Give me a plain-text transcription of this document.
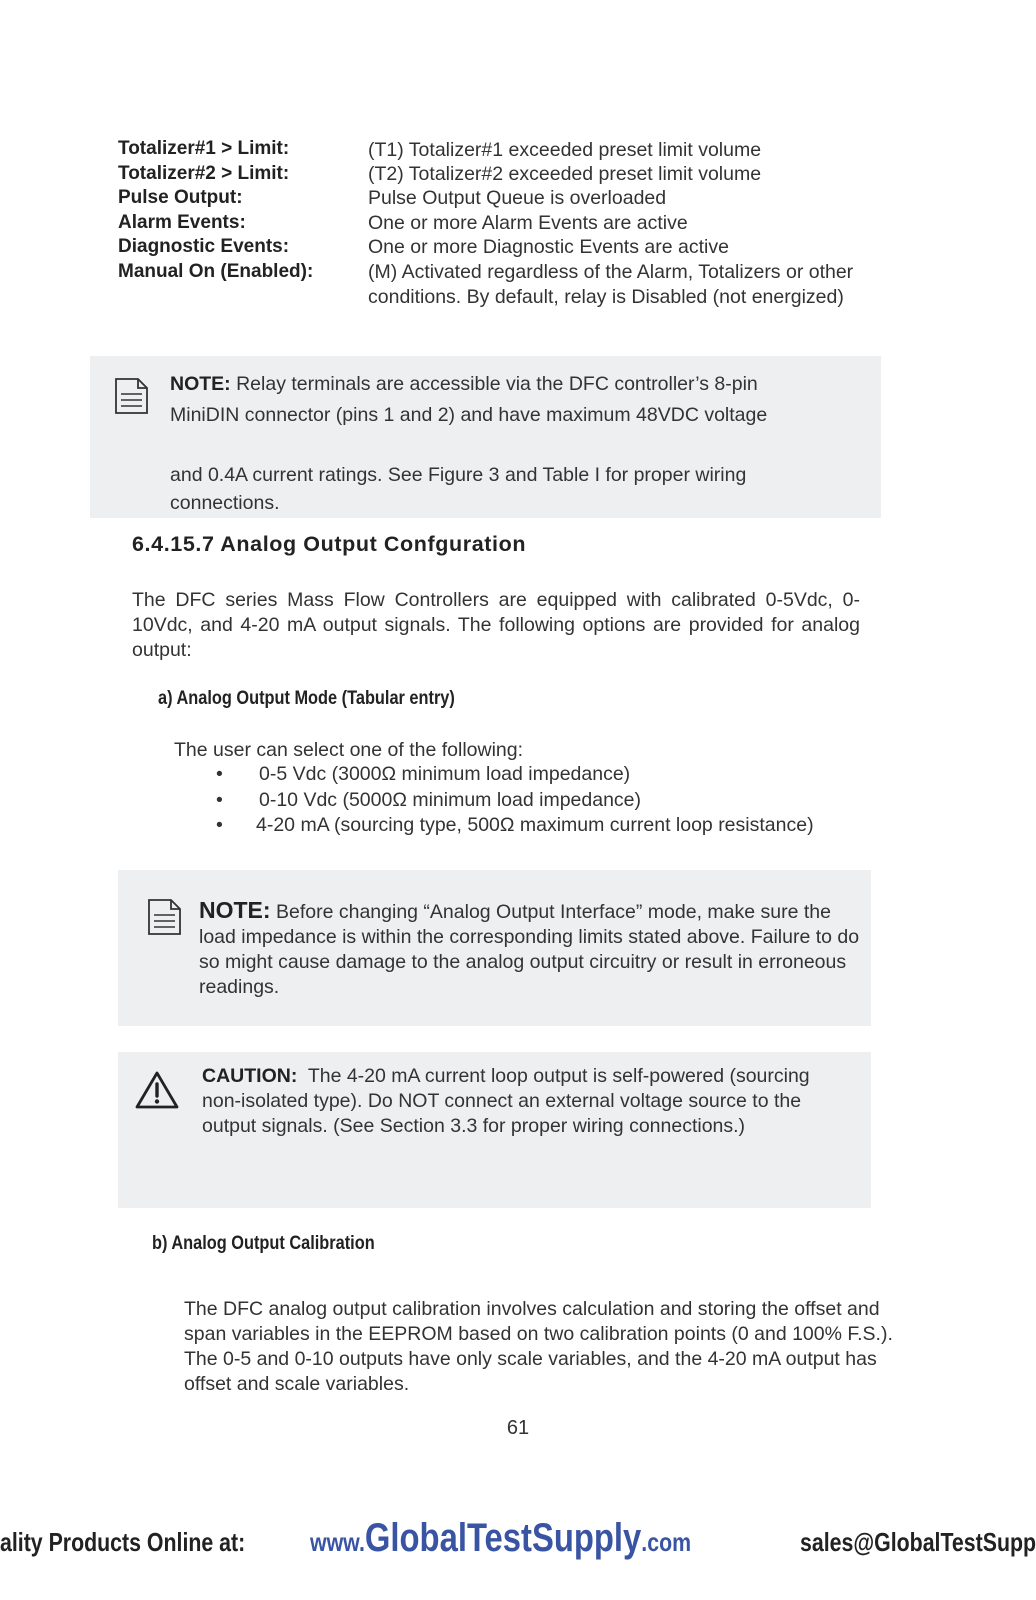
Totalizer#1 > Limit:	(T1) Totalizer#1 exceeded preset limit volume
Totalizer#2 > Limit:	(T2) Totalizer#2 exceeded preset limit volume
Pulse Output:	Pulse Output Queue is overloaded
Alarm Events:	One or more Alarm Events are active
Diagnostic Events:	One or more Diagnostic Events are active
Manual On (Enabled):	(M) Activated regardless of the Alarm, Totalizers or other conditions. By default, relay is Disabled (not energized)
NOTE: Relay terminals are accessible via the DFC controller’s 8-pin
MiniDIN connector (pins 1 and 2) and have maximum 48VDC voltage
and 0.4A current ratings. See Figure 3 and Table I for proper wiring
connections.
6.4.15.7 Analog Output Confguration
The DFC series Mass Flow Controllers are equipped with calibrated 0-5Vdc, 0-10Vdc, and 4-20 mA output signals. The following options are provided for analog output:
a) Analog Output Mode (Tabular entry)
The user can select one of the following:
• 0-5 Vdc (3000Ω minimum load impedance)
• 0-10 Vdc (5000Ω minimum load impedance)
• 4-20 mA (sourcing type, 500Ω maximum current loop resistance)
NOTE: Before changing “Analog Output Interface” mode, make sure the load impedance is within the corresponding limits stated above. Failure to do so might cause damage to the analog output circuitry or result in erroneous readings.
CAUTION: The 4-20 mA current loop output is self-powered (sourcing non-isolated type). Do NOT connect an external voltage source to the output signals. (See Section 3.3 for proper wiring connections.)
b) Analog Output Calibration
The DFC analog output calibration involves calculation and storing the offset and span variables in the EEPROM based on two calibration points (0 and 100% F.S.). The 0-5 and 0-10 outputs have only scale variables, and the 4-20 mA output has offset and scale variables.
61
ality Products Online at: www.GlobalTestSupply.com	sales@GlobalTestSupp
